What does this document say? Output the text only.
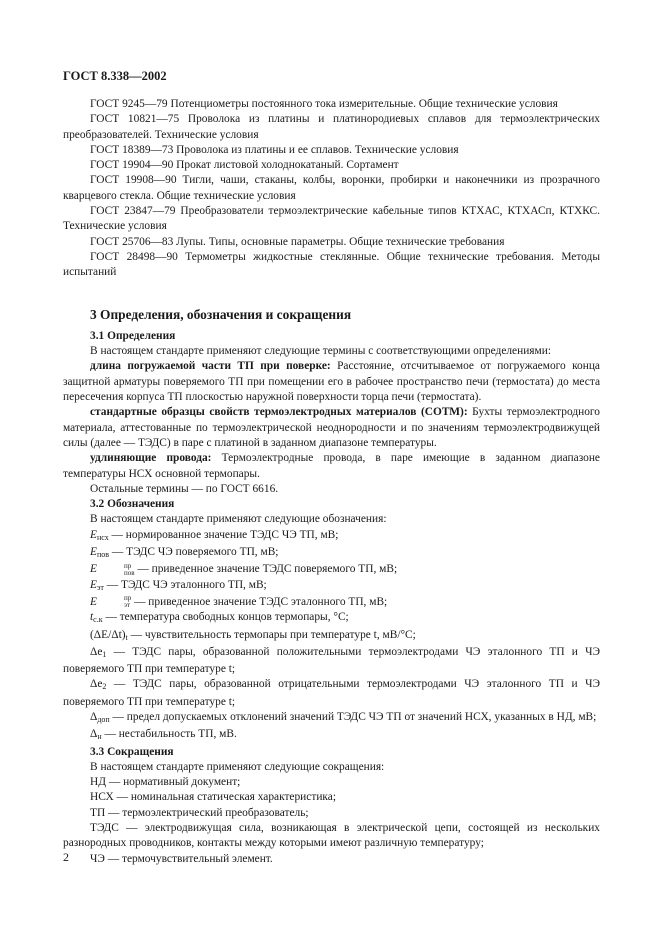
ГОСТ 8.338—2002

ГОСТ 9245—79 Потенциометры постоянного тока измерительные. Общие технические условия

ГОСТ 10821—75 Проволока из платины и платинородиевых сплавов для термоэлектрических преобразователей. Технические условия

ГОСТ 18389—73 Проволока из платины и ее сплавов. Технические условия

ГОСТ 19904—90 Прокат листовой холоднокатаный. Сортамент

ГОСТ 19908—90 Тигли, чаши, стаканы, колбы, воронки, пробирки и наконечники из прозрачного кварцевого стекла. Общие технические условия

ГОСТ 23847—79 Преобразователи термоэлектрические кабельные типов КТХАС, КТХАСп, КТХКС. Технические условия

ГОСТ 25706—83 Лупы. Типы, основные параметры. Общие технические требования

ГОСТ 28498—90 Термометры жидкостные стеклянные. Общие технические требования. Методы испытаний

3 Определения, обозначения и сокращения
3.1 Определения

В настоящем стандарте применяют следующие термины с соответствующими определениями:

длина погружаемой части ТП при поверке: Расстояние, отсчитываемое от погружаемого конца защитной арматуры поверяемого ТП при помещении его в рабочее пространство печи (термостата) до места пересечения корпуса ТП плоскостью наружной поверхности торца печи (термостата).

стандартные образцы свойств термоэлектродных материалов (СОТМ): Бухты термоэлектродного материала, аттестованные по термоэлектрической неоднородности и по значениям термоэлектродвижущей силы (далее — ТЭДС) в паре с платиной в заданном диапазоне температуры.

удлиняющие провода: Термоэлектродные провода, в паре имеющие в заданном диапазоне температуры НСХ основной термопары.

Остальные термины — по ГОСТ 6616.

3.2 Обозначения

В настоящем стандарте применяют следующие обозначения:

$E_{нсх}$ — нормированное значение ТЭДС ЧЭ ТП, мВ;

$E_{пов}$ — ТЭДС ЧЭ поверяемого ТП, мВ;

E	пр
пов — приведенное значение ТЭДС поверяемого ТП, мВ;

$E_{эт}$ — ТЭДС ЧЭ эталонного ТП, мВ;

E	пр
эт — приведенное значение ТЭДС эталонного ТП, мВ;

$t_{с.к}$ — температура свободных концов термопары, °С;

$(\Delta E/\Delta t)_t$ — чувствительность термопары при температуре t, мВ/°С;

$\Delta e_1$ — ТЭДС пары, образованной положительными термоэлектродами ЧЭ эталонного ТП и ЧЭ поверяемого ТП при температуре t;

$\Delta e_2$ — ТЭДС пары, образованной отрицательными термоэлектродами ЧЭ эталонного ТП и ЧЭ поверяемого ТП при температуре t;

$\Delta_{доп}$ — предел допускаемых отклонений значений ТЭДС ЧЭ ТП от значений НСХ, указанных в НД, мВ;

$\Delta_н$ — нестабильность ТП, мВ.

3.3 Сокращения

В настоящем стандарте применяют следующие сокращения:

НД — нормативный документ;

НСХ — номинальная статическая характеристика;

ТП — термоэлектрический преобразователь;

ТЭДС — электродвижущая сила, возникающая в электрической цепи, состоящей из нескольких разнородных проводников, контакты между которыми имеют различную температуру;

ЧЭ — термочувствительный элемент.

2
